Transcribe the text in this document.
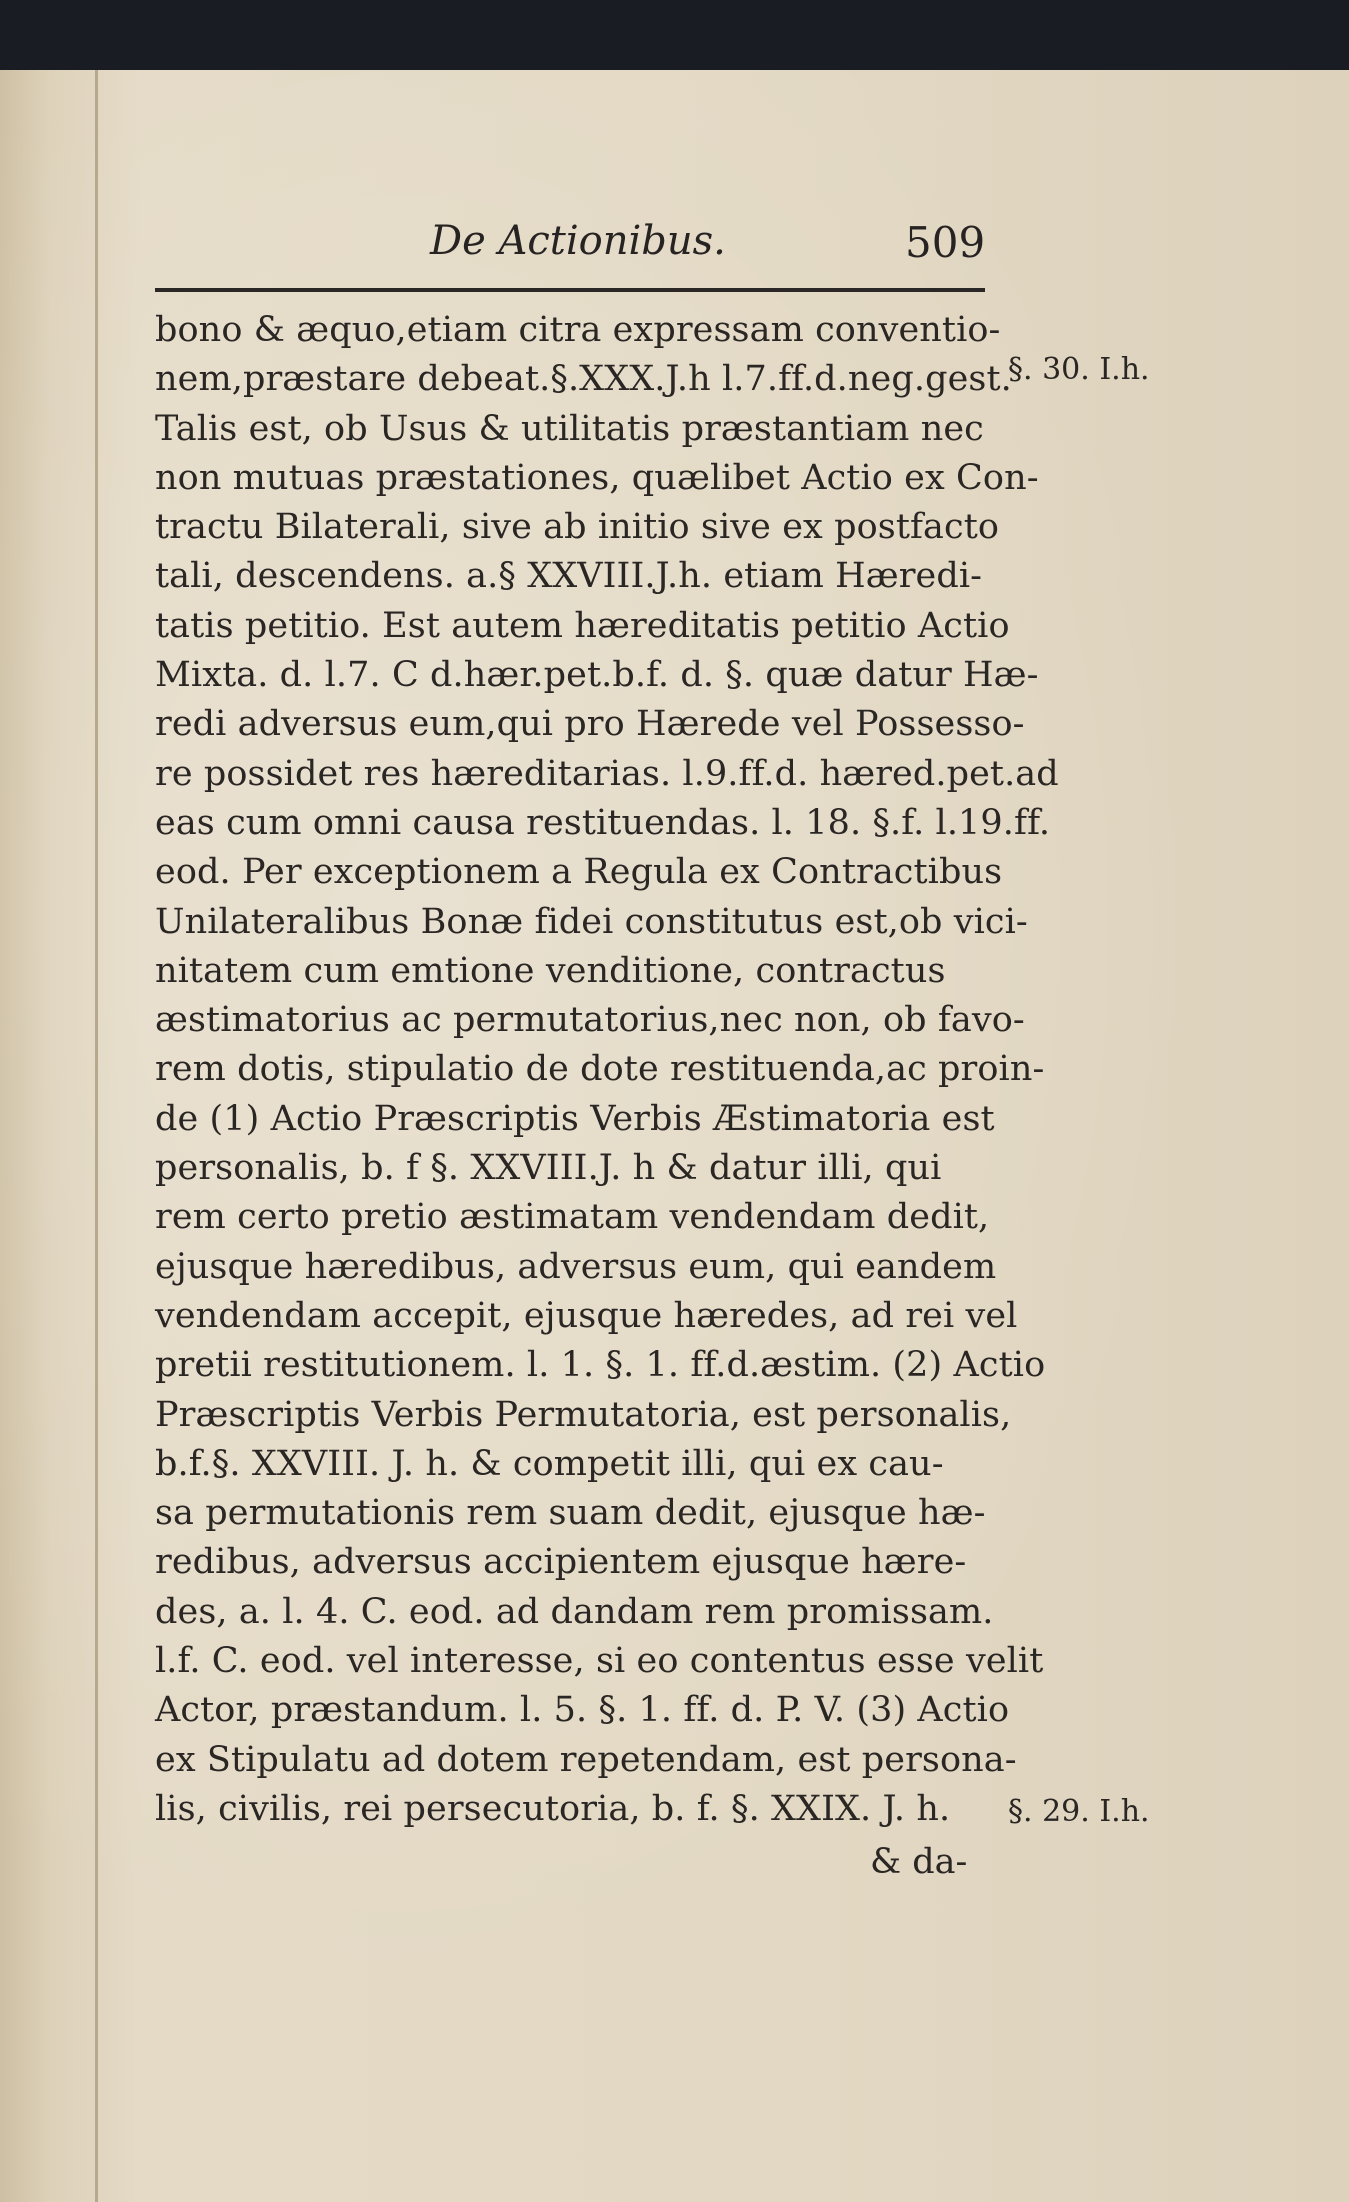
De Actionibus.	509
bono & æquo,etiam citra expressam conventio-
nem,præstare debeat.§.XXX.J.h l.7.ff.d.neg.gest.
Talis est, ob Usus & utilitatis præstantiam nec
non mutuas præstationes, quælibet Actio ex Con-
tractu Bilaterali, sive ab initio sive ex postfacto
tali, descendens. a.§ XXVIII.J.h. etiam Hæredi-
tatis petitio. Est autem hæreditatis petitio Actio
Mixta. d. l.7. C d.hær.pet.b.f. d. §. quæ datur Hæ-
redi adversus eum,qui pro Hærede vel Possesso-
re possidet res hæreditarias. l.9.ff.d. hæred.pet.ad
eas cum omni causa restituendas. l. 18. §.f. l.19.ff.
eod. Per exceptionem a Regula ex Contractibus
Unilateralibus Bonæ fidei constitutus est,ob vici-
nitatem cum emtione venditione, contractus
æstimatorius ac permutatorius,nec non, ob favo-
rem dotis, stipulatio de dote restituenda,ac proin-
de (1) Actio Præscriptis Verbis Æstimatoria est
personalis, b. f §. XXVIII.J. h & datur illi, qui
rem certo pretio æstimatam vendendam dedit,
ejusque hæredibus, adversus eum, qui eandem
vendendam accepit, ejusque hæredes, ad rei vel
pretii restitutionem. l. 1. §. 1. ff.d.æstim. (2) Actio
Præscriptis Verbis Permutatoria, est personalis,
b.f.§. XXVIII. J. h. & competit illi, qui ex cau-
sa permutationis rem suam dedit, ejusque hæ-
redibus, adversus accipientem ejusque hære-
des, a. l. 4. C. eod. ad dandam rem promissam.
l.f. C. eod. vel interesse, si eo contentus esse velit
Actor, præstandum. l. 5. §. 1. ff. d. P. V. (3) Actio
ex Stipulatu ad dotem repetendam, est persona-
lis, civilis, rei persecutoria, b. f. §. XXIX. J. h.
& da-
§. 30. I.h.
§. 29. I.h.
